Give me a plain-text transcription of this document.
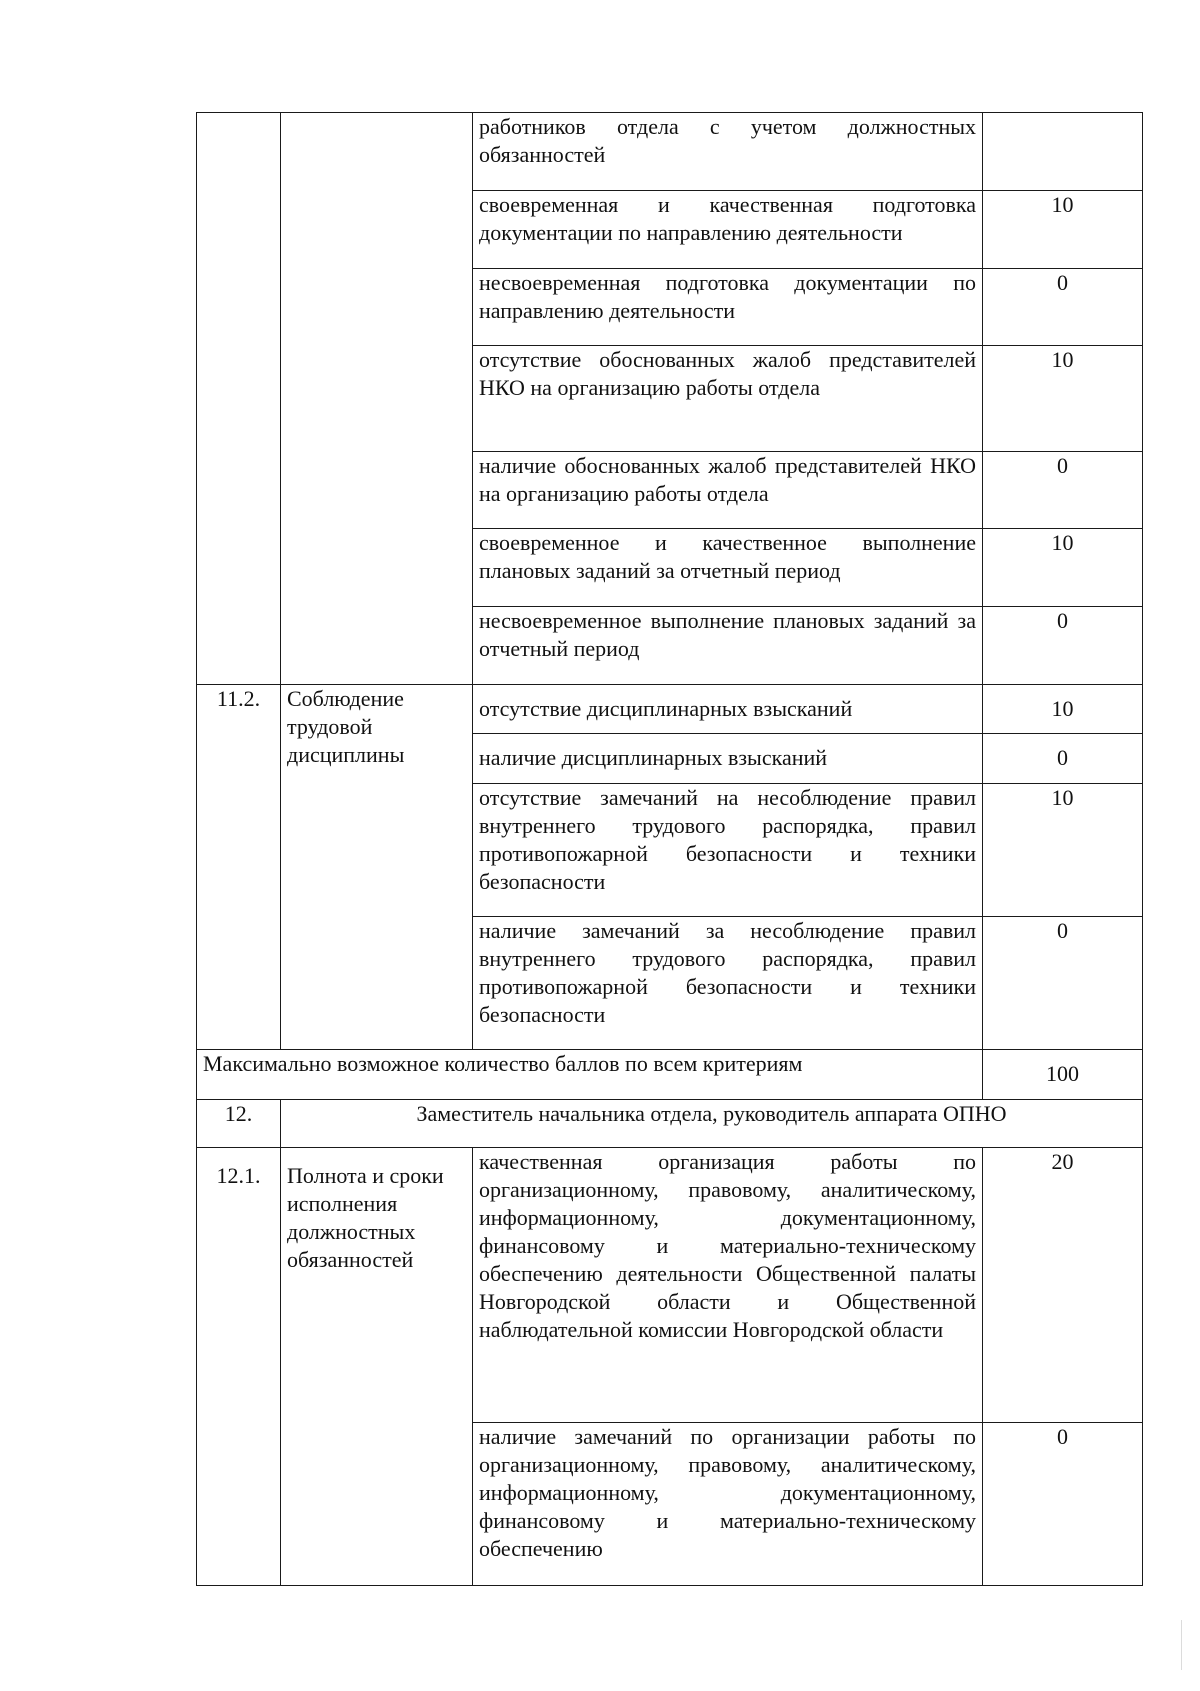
		работников отдела с учетом должностных обязанностей	
		своевременная и качественная подготовка документации по направлению деятельности	10
		несвоевременная подготовка документации по направлению деятельности	0
		отсутствие обоснованных жалоб представителей НКО на организацию работы отдела	10
		наличие обоснованных жалоб представителей НКО на организацию работы отдела	0
		своевременное и качественное выполнение плановых заданий за отчетный период	10
		несвоевременное выполнение плановых заданий за отчетный период	0
11.2.	Соблюдение трудовой дисциплины	отсутствие дисциплинарных взысканий	10
		наличие дисциплинарных взысканий	0
		отсутствие замечаний на несоблюдение правил внутреннего трудового распорядка, правил противопожарной безопасности и техники безопасности	10
		наличие замечаний за несоблюдение правил внутреннего трудового распорядка, правил противопожарной безопасности и техники безопасности	0
Максимально возможное количество баллов по всем критериям			100
12.	Заместитель начальника отдела, руководитель аппарата ОПНО		
12.1.	Полнота и сроки исполнения должностных обязанностей	качественная организация работы по организационному, правовому, аналитическому, информационному, документационному, финансовому и материально-техническому обеспечению деятельности Общественной палаты Новгородской области и Общественной наблюдательной комиссии Новгородской области	20
		наличие замечаний по организации работы по организационному, правовому, аналитическому, информационному, документационному, финансовому и материально-техническому обеспечению	0
